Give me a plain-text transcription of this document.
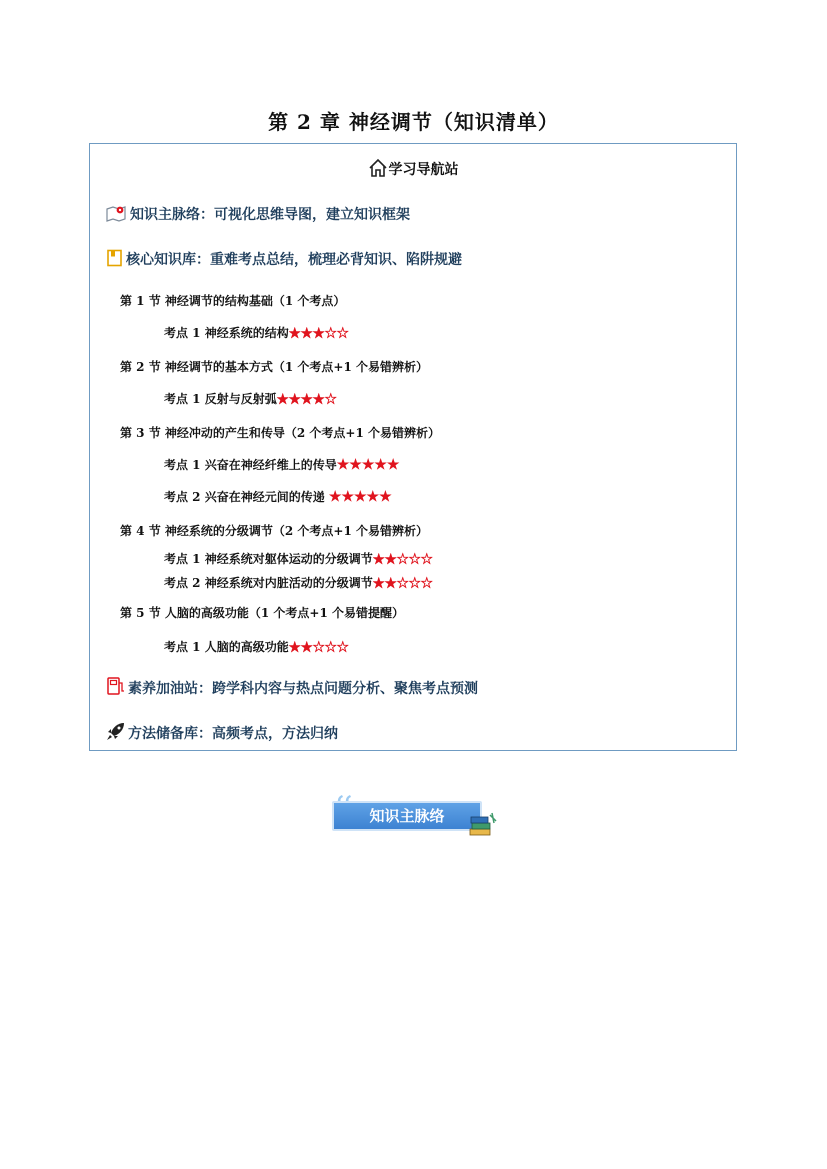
第 2 章 神经调节（知识清单）
学习导航站
知识主脉络：可视化思维导图，建立知识框架
核心知识库：重难考点总结，梳理必背知识、陷阱规避
第 1 节 神经调节的结构基础（1 个考点）
考点 1 神经系统的结构★★★☆☆
第 2 节 神经调节的基本方式（1 个考点+1 个易错辨析）
考点 1 反射与反射弧★★★★☆
第 3 节 神经冲动的产生和传导（2 个考点+1 个易错辨析）
考点 1 兴奋在神经纤维上的传导★★★★★
考点 2 兴奋在神经元间的传递 ★★★★★
第 4 节 神经系统的分级调节（2 个考点+1 个易错辨析）
考点 1 神经系统对躯体运动的分级调节★★☆☆☆
考点 2 神经系统对内脏活动的分级调节★★☆☆☆
第 5 节 人脑的高级功能（1 个考点+1 个易错提醒）
考点 1 人脑的高级功能★★☆☆☆
素养加油站：跨学科内容与热点问题分析、聚焦考点预测
方法储备库：高频考点，方法归纳
知识主脉络
